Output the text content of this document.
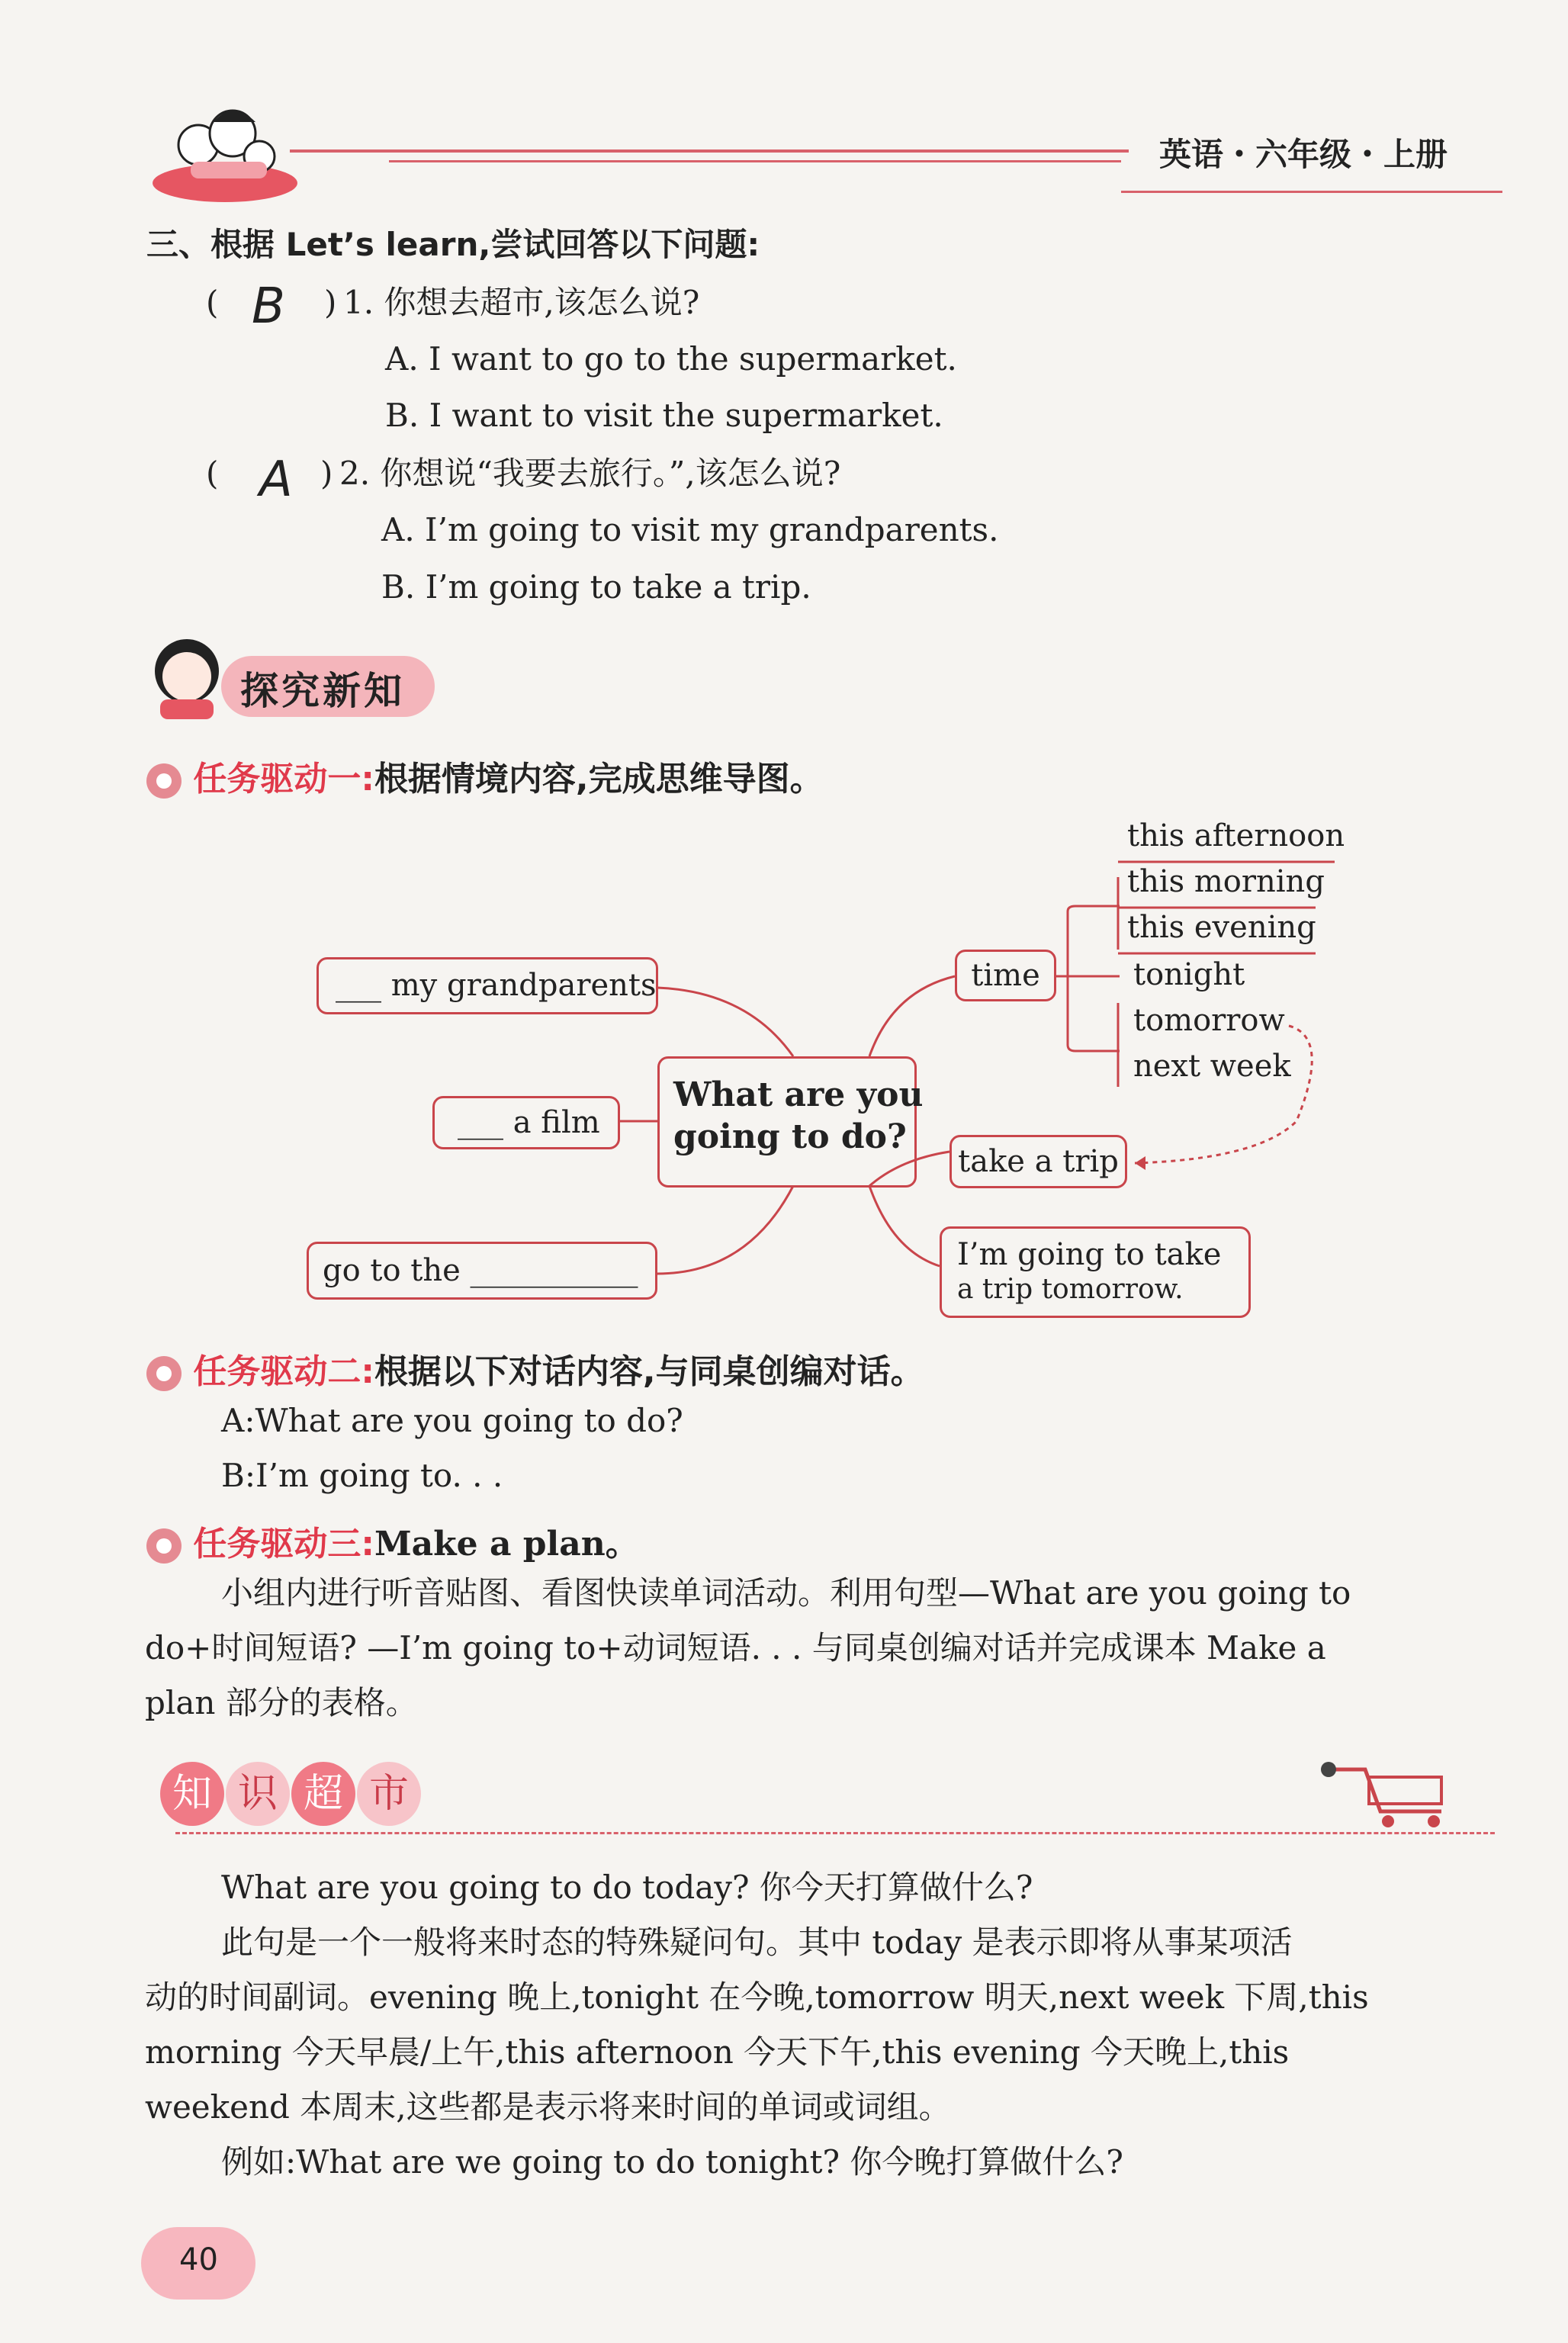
英语・六年级・上册
三、根据 Let’s learn,尝试回答以下问题:
( B ) 1. 你想去超市,该怎么说?
A. I want to go to the supermarket.
B. I want to visit the supermarket.
( A ) 2. 你想说“我要去旅行。”,该怎么说?
A. I’m going to visit my grandparents.
B. I’m going to take a trip.
探究新知
任务驱动一:根据情境内容,完成思维导图。
___ my grandparents
___ a film
go to the ___________
What are you
going to do?
time
this afternoon
this morning
this evening
tonight
tomorrow
next week
take a trip
I’m going to take
a trip tomorrow.
任务驱动二:根据以下对话内容,与同桌创编对话。
A:What are you going to do?
B:I’m going to. . .
任务驱动三:Make a plan。
小组内进行听音贴图、看图快读单词活动。利用句型—What are you going to
do+时间短语? —I’m going to+动词短语. . . 与同桌创编对话并完成课本 Make a
plan 部分的表格。
知 识 超 市
What are you going to do today? 你今天打算做什么?
此句是一个一般将来时态的特殊疑问句。其中 today 是表示即将从事某项活
动的时间副词。evening 晚上,tonight 在今晚,tomorrow 明天,next week 下周,this
morning 今天早晨/上午,this afternoon 今天下午,this evening 今天晚上,this
weekend 本周末,这些都是表示将来时间的单词或词组。
例如:What are we going to do tonight? 你今晚打算做什么?
40
